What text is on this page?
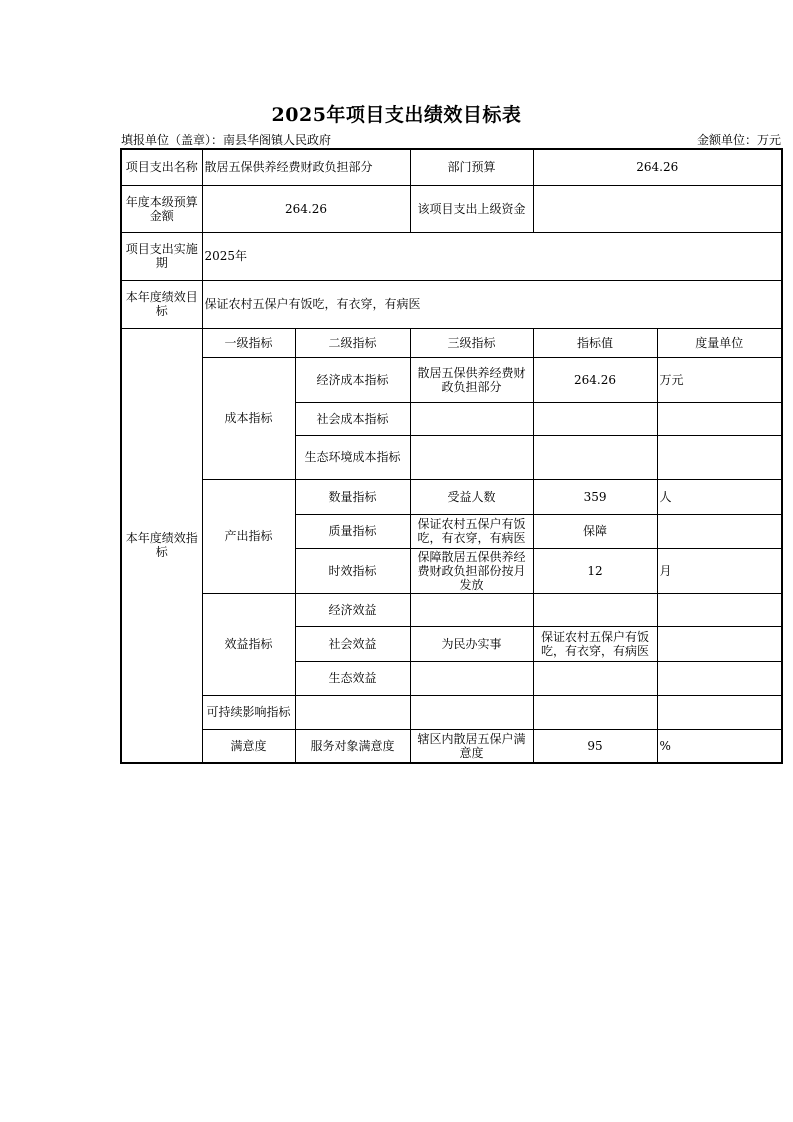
2025年项目支出绩效目标表
填报单位（盖章）：南县华阁镇人民政府	金额单位：万元
项目支出名称	散居五保供养经费财政负担部分		部门预算	264.26	
年度本级预算金额	264.26		该项目支出上级资金		
项目支出实施期	2025年				
本年度绩效目标	保证农村五保户有饭吃，有衣穿，有病医				
本年度绩效指标	一级指标	二级指标	三级指标	指标值	度量单位
	成本指标	经济成本指标	散居五保供养经费财政负担部分	264.26	万元
		社会成本指标			
		生态环境成本指标			
	产出指标	数量指标	受益人数	359	人
		质量指标	保证农村五保户有饭吃，有衣穿，有病医	保障	
		时效指标	保障散居五保供养经费财政负担部份按月发放	12	月
	效益指标	经济效益			
		社会效益	为民办实事	保证农村五保户有饭吃，有衣穿，有病医	
		生态效益			
	可持续影响指标				
	满意度	服务对象满意度	辖区内散居五保户满意度	95	%
